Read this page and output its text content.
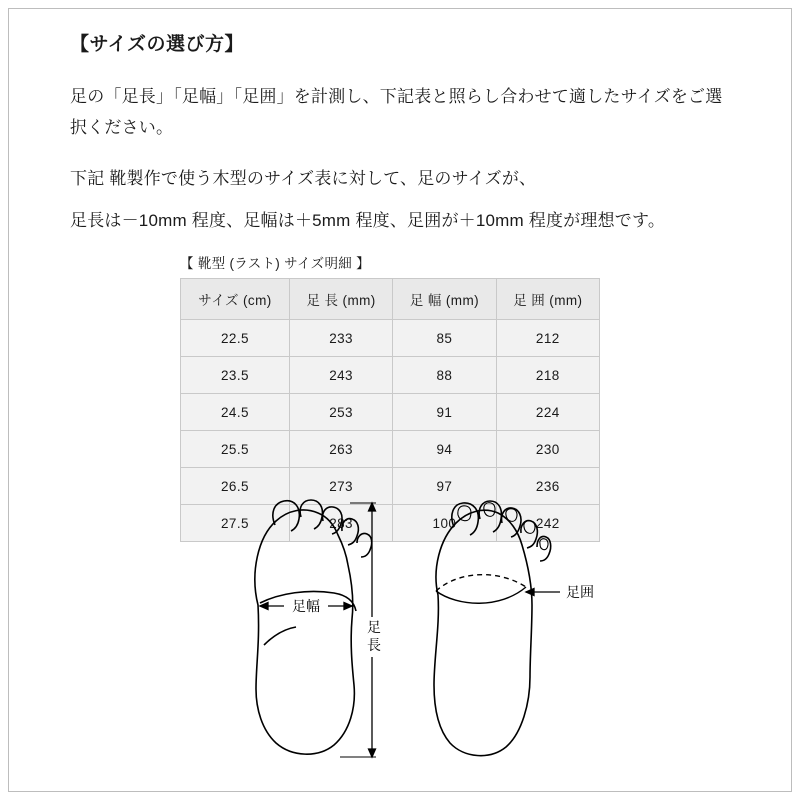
【サイズの選び方】

足の「足長」「足幅」「足囲」を計測し、下記表と照らし合わせて適したサイズをご選択ください。

下記 靴製作で使う木型のサイズ表に対して、足のサイズが、

足長は－10mm 程度、足幅は＋5mm 程度、足囲が＋10mm 程度が理想です。

【 靴型 (ラスト) サイズ明細 】
サイズ (cm)	足 長 (mm)	足 幅 (mm)	足 囲 (mm)
22.5	233	85	212
23.5	243	88	218
24.5	253	91	224
25.5	263	94	230
26.5	273	97	236
27.5	283	100	242
足幅
足
長
足囲
